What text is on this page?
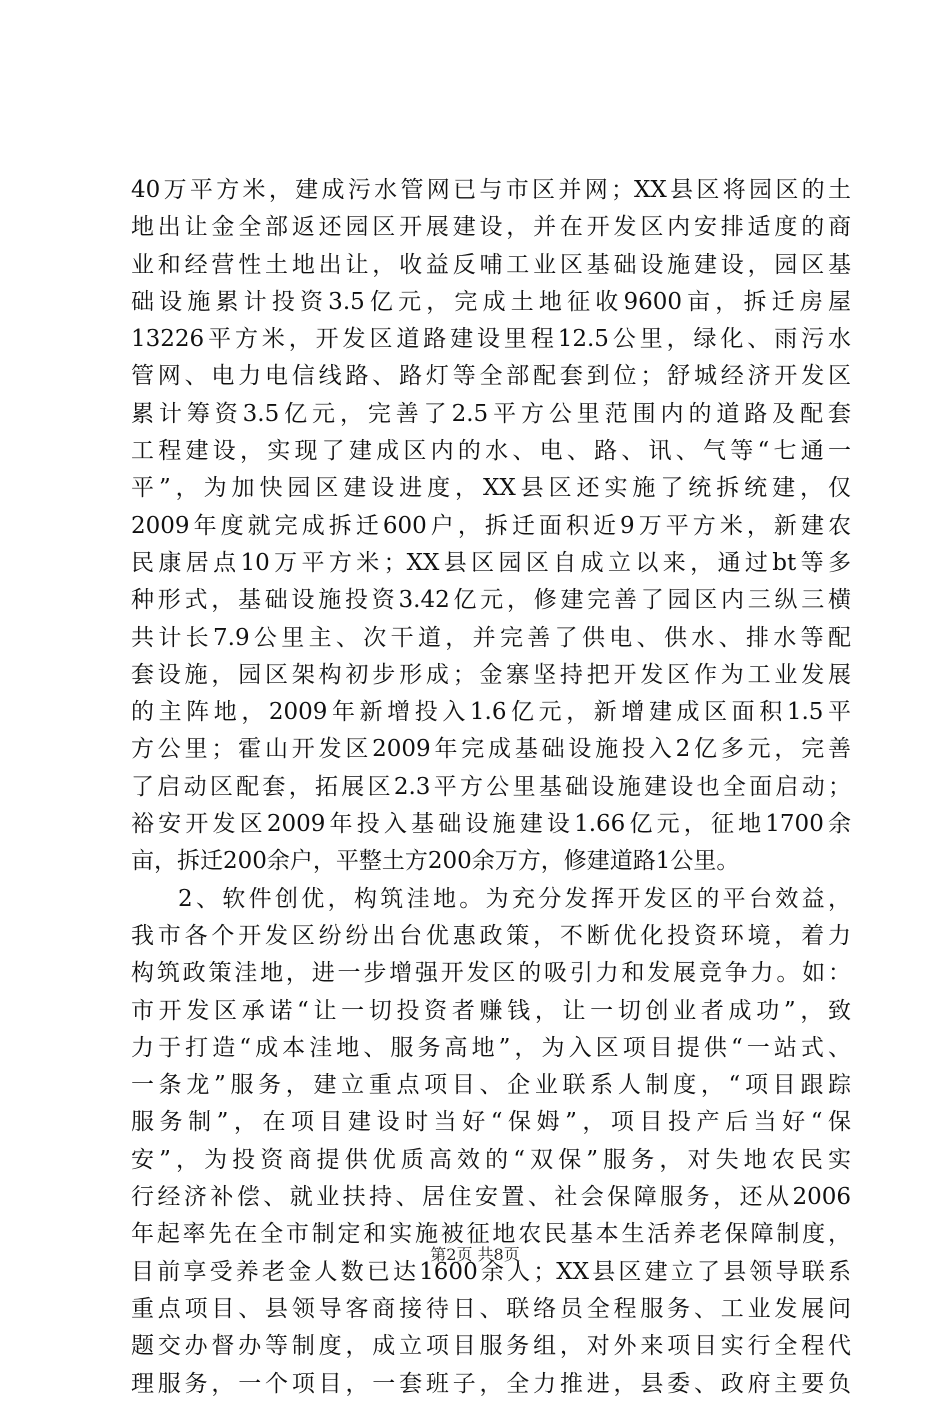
40万平方米，建成污水管网已与市区并网；XX县区将园区的土
地出让金全部返还园区开展建设，并在开发区内安排适度的商
业和经营性土地出让，收益反哺工业区基础设施建设，园区基
础设施累计投资3.5亿元，完成土地征收9600亩，拆迁房屋
13226平方米，开发区道路建设里程12.5公里，绿化、雨污水
管网、电力电信线路、路灯等全部配套到位；舒城经济开发区
累计筹资3.5亿元，完善了2.5平方公里范围内的道路及配套
工程建设，实现了建成区内的水、电、路、讯、气等“七通一
平”，为加快园区建设进度，XX县区还实施了统拆统建，仅
2009年度就完成拆迁600户，拆迁面积近9万平方米，新建农
民康居点10万平方米；XX县区园区自成立以来，通过bt等多
种形式，基础设施投资3.42亿元，修建完善了园区内三纵三横
共计长7.9公里主、次干道，并完善了供电、供水、排水等配
套设施，园区架构初步形成；金寨坚持把开发区作为工业发展
的主阵地，2009年新增投入1.6亿元，新增建成区面积1.5平
方公里；霍山开发区2009年完成基础设施投入2亿多元，完善
了启动区配套，拓展区2.3平方公里基础设施建设也全面启动；
裕安开发区2009年投入基础设施建设1.66亿元，征地1700余
亩，拆迁200余户，平整土方200余万方，修建道路1公里。
2、软件创优，构筑洼地。为充分发挥开发区的平台效益，
我市各个开发区纷纷出台优惠政策，不断优化投资环境，着力
构筑政策洼地，进一步增强开发区的吸引力和发展竞争力。如：
市开发区承诺“让一切投资者赚钱，让一切创业者成功”，致
力于打造“成本洼地、服务高地”，为入区项目提供“一站式、
一条龙”服务，建立重点项目、企业联系人制度，“项目跟踪
服务制”，在项目建设时当好“保姆”，项目投产后当好“保
安”，为投资商提供优质高效的“双保”服务，对失地农民实
行经济补偿、就业扶持、居住安置、社会保障服务，还从2006
年起率先在全市制定和实施被征地农民基本生活养老保障制度，
目前享受养老金人数已达1600余人；XX县区建立了县领导联系
重点项目、县领导客商接待日、联络员全程服务、工业发展问
题交办督办等制度，成立项目服务组，对外来项目实行全程代
理服务，一个项目，一套班子，全力推进，县委、政府主要负
第2页 共8页
